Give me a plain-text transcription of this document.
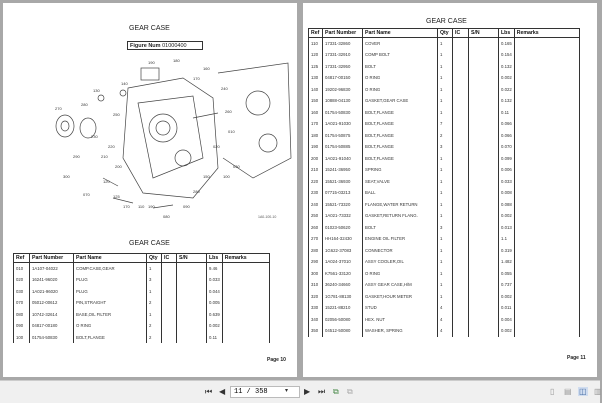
GEAR CASE
Figure Num 01000400
190	180
160
170
270
280
250
140
130
230
220
210
200
240
260
150
290
300
280
120
125
110
080
090
100
030
020
010
070
190
170
1A0-100-10
GEAR CASE
Ref	Part Number	Part Name	Qty	IC	S/N	Lbs	Remarks
010	1A107-04022	COMP.CASE,GEAR	1			9.46	
020	16241-96020	PLUG	3			0.033	
030	1A021-96020	PLUG	1			0.044	
070	05012-00612	PIN,STRAIGHT	2			0.005	
080	10742-32614	BASE,OIL FILTER	1			0.639	
090	04817-00180	O RING	2			0.002	
100	01754-50830	BOLT,FLANGE	2			0.11	
Page 10
GEAR CASE
Ref	Part Number	Part Name	Qty	IC	S/N	Lbs	Remarks
110	17331-32860	COVER	1			0.165	
120	17331-32910	COMP BOLT	1			0.154	
125	17331-32950	BOLT	1			0.132	
130	04817-00150	O RING	1			0.002	
140	19202-96830	O RING	1			0.022	
150	10888-04130	GASKET,GEAR CASE	1			0.132	
160	01754-50830	BOLT,FLANGE	1			0.11	
170	1A021-91030	BOLT,FLANGE	7			0.066	
180	01754-50875	BOLT,FLANGE	2			0.066	
190	01754-50885	BOLT,FLANGE	3			0.070	
200	1A021-91040	BOLT,FLANGE	1			0.099	
210	15241-36950	SPRING	1			0.006	
220	15521-36930	SEAT,VALVE	1			0.033	
230	07715-03213	BALL	1			0.008	
240	15521-73320	FLANGE,WATER RETURN	1			0.088	
250	1A021-73332	GASKET,RETURN FLANG.	1			0.002	
260	01023-50620	BOLT	3			0.013	
270	HH164-32430	ENGINE OIL FILTER	1			1.1	
280	1G622-37083	CONNECTOR	1			0.319	
290	1A024-37010	ASSY COOLER,OIL	1			1.482	
300	K7561-33120	O RING	1			0.055	
310	36240-34660	ASSY GEAR CASE,H/M	1			0.737	
320	1G781-88130	GASKET,HOUR METER	1			0.002	
330	15221-88210	STUD	4			0.011	
340	02056-50080	HEX. NUT	4			0.004	
350	04512-50080	WASHER, SPRING	4			0.002	
Page 11
⏮ ◀
11 / 358	▾ ▶ ⏭ ⧉ ⧉	▯ ▤ ◫ ▥
